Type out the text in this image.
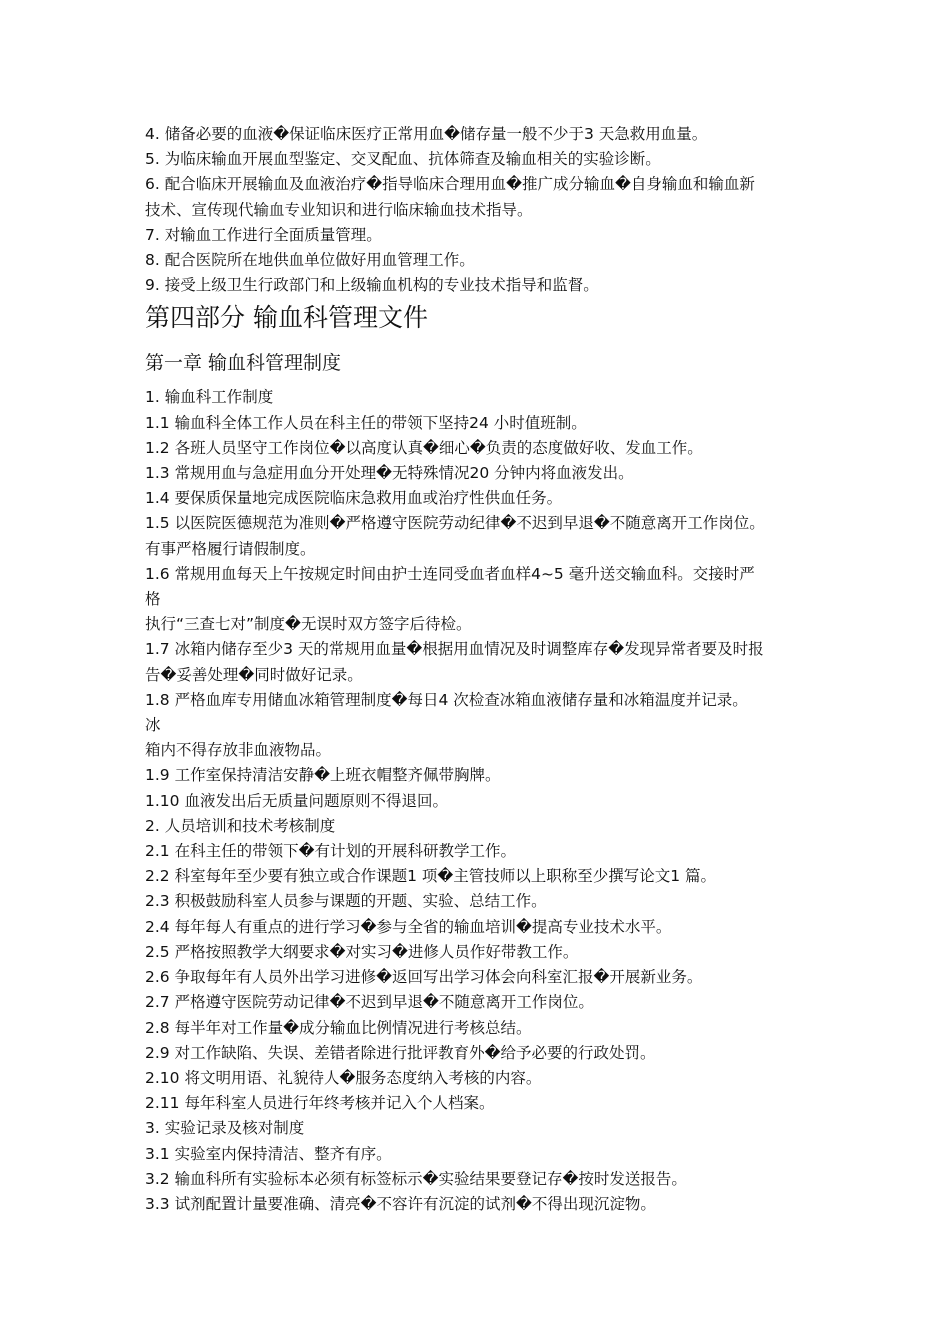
4. 储备必要的血液�保证临床医疗正常用血�储存量一般不少于3 天急救用血量。
5. 为临床输血开展血型鉴定、交叉配血、抗体筛查及输血相关的实验诊断。
6. 配合临床开展输血及血液治疗�指导临床合理用血�推广成分输血�自身输血和输血新
技术、宣传现代输血专业知识和进行临床输血技术指导。
7. 对输血工作进行全面质量管理。
8. 配合医院所在地供血单位做好用血管理工作。
9. 接受上级卫生行政部门和上级输血机构的专业技术指导和监督。
第四部分 输血科管理文件
第一章 输血科管理制度
1. 输血科工作制度
1.1 输血科全体工作人员在科主任的带领下坚持24 小时值班制。
1.2 各班人员坚守工作岗位�以高度认真�细心�负责的态度做好收、发血工作。
1.3 常规用血与急症用血分开处理�无特殊情况20 分钟内将血液发出。
1.4 要保质保量地完成医院临床急救用血或治疗性供血任务。
1.5 以医院医德规范为准则�严格遵守医院劳动纪律�不迟到早退�不随意离开工作岗位。
有事严格履行请假制度。
1.6 常规用血每天上午按规定时间由护士连同受血者血样4~5 毫升送交输血科。交接时严
格
执行“三查七对”制度�无误时双方签字后待检。
1.7 冰箱内储存至少3 天的常规用血量�根据用血情况及时调整库存�发现异常者要及时报
告�妥善处理�同时做好记录。
1.8 严格血库专用储血冰箱管理制度�每日4 次检查冰箱血液储存量和冰箱温度并记录。
冰
箱内不得存放非血液物品。
1.9 工作室保持清洁安静�上班衣帽整齐佩带胸牌。
1.10 血液发出后无质量问题原则不得退回。
2. 人员培训和技术考核制度
2.1 在科主任的带领下�有计划的开展科研教学工作。
2.2 科室每年至少要有独立或合作课题1 项�主管技师以上职称至少撰写论文1 篇。
2.3 积极鼓励科室人员参与课题的开题、实验、总结工作。
2.4 每年每人有重点的进行学习�参与全省的输血培训�提高专业技术水平。
2.5 严格按照教学大纲要求�对实习�进修人员作好带教工作。
2.6 争取每年有人员外出学习进修�返回写出学习体会向科室汇报�开展新业务。
2.7 严格遵守医院劳动记律�不迟到早退�不随意离开工作岗位。
2.8 每半年对工作量�成分输血比例情况进行考核总结。
2.9 对工作缺陷、失误、差错者除进行批评教育外�给予必要的行政处罚。
2.10 将文明用语、礼貌待人�服务态度纳入考核的内容。
2.11 每年科室人员进行年终考核并记入个人档案。
3. 实验记录及核对制度
3.1 实验室内保持清洁、整齐有序。
3.2 输血科所有实验标本必须有标签标示�实验结果要登记存�按时发送报告。
3.3 试剂配置计量要准确、清亮�不容许有沉淀的试剂�不得出现沉淀物。
